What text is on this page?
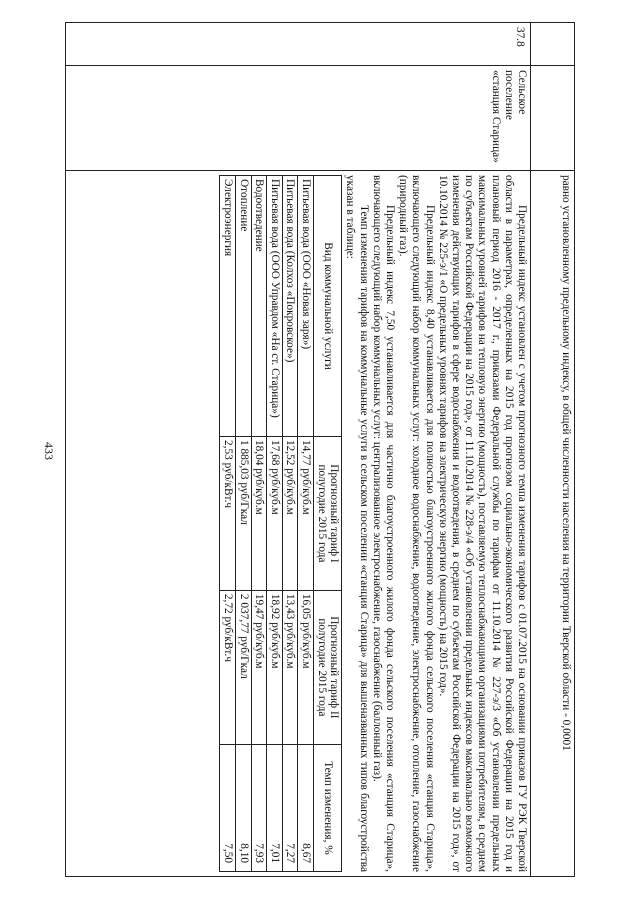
433
			равно установленному предельному индексу, в общей численности населения на территории Тверской области - 0,0001

37.8	Сельское поселение «станция Старица»	

Предельный индекс установлен с учетом прогнозного темпа изменения тарифов с 01.07.2015 на основании приказов ГУ РЭК Тверской области в параметрах, определенных на 2015 год прогнозом социально-экономического развития Российской Федерации на 2015 год и плановый период 2016 - 2017 г., приказами Федеральной службы по тарифам от 11.10.2014 № 227-э/3 «Об установлении предельных максимальных уровней тарифов на тепловую энергию (мощность), поставляемую теплоснабжающими организациями потребителям, в среднем по субъектам Российской Федерации на 2015 год», от 11.10.2014 № 228-э/4 «Об установлении предельных индексов максимально возможного изменения действующих тарифов в сфере водоснабжения и водоотведения, в среднем по субъектам Российской Федерации на 2015 год», от 10.10.2014 № 225-э/1 «О предельных уровнях тарифов на электрическую энергию (мощность) на 2015 год».

Предельный индекс 8,40 устанавливается для полностью благоустроенного жилого фонда сельского поселения «станция Старица», включающего следующий набор коммунальных услуг: холодное водоснабжение, водоотведение, электроснабжение, отопление, газоснабжение (природный газ).

Предельный индекс 7,50 устанавливается для частично благоустроенного жилого фонда сельского поселения «станция Старица», включающего следующий набор коммунальных услуг: централизованное электроснабжение, газоснабжение (баллонный газ).

Темп изменения тарифов на коммунальные услуги в сельском поселении «станция Старица» для вышеназванных типов благоустройства указан в таблице:

Вид коммунальной услуги	Прогнозный тариф I полугодие 2015 года	Прогнозный тариф II полугодие 2015 года	Темп изменения, %
Питьевая вода (ООО «Новая заря»)	14,77 руб/куб.м	16,05 руб/куб.м	8,67
Питьевая вода (Колхоз «Покровское»)	12,52 руб/куб.м	13,43 руб/куб.м	7,27
Питьевая вода (ООО Управдом «На ст. Старица»)	17,68 руб/куб.м	18,92 руб/куб.м	7,01
Водоотведение	18,04 руб/куб.м	19,47 руб/куб.м	7,93
Отопление	1 885,03 руб/Гкал	2 037,77 руб/Гкал	8,10
Электроэнергия	2,53 руб/кВт.ч	2,72 руб/кВт.ч	7,50
